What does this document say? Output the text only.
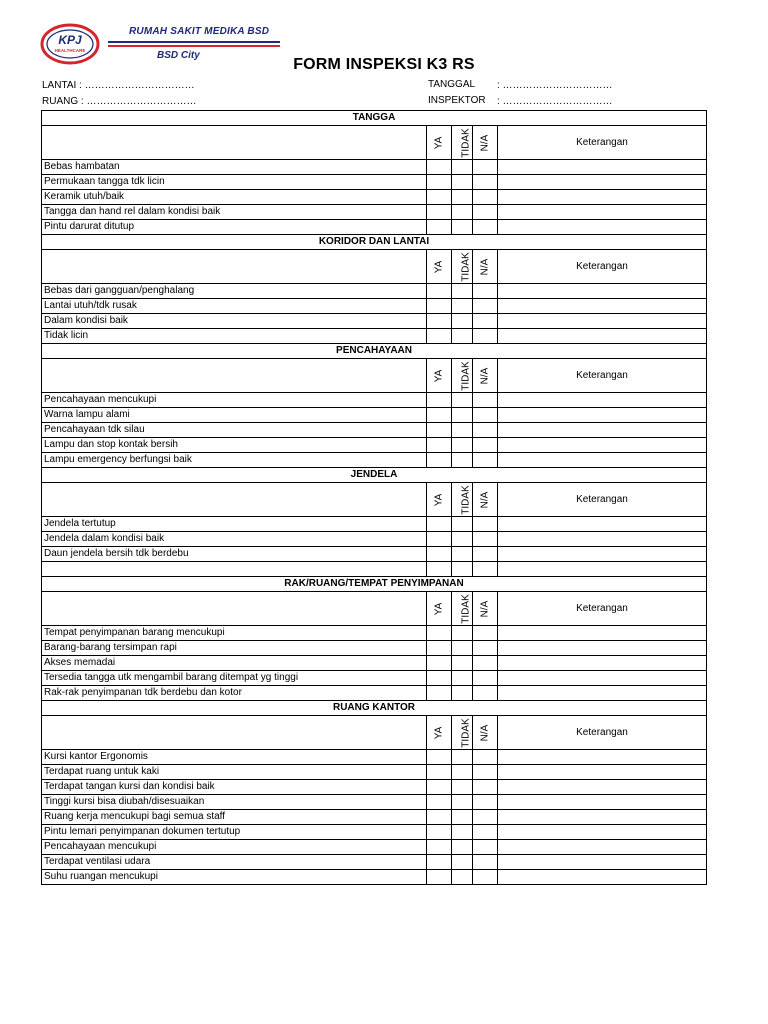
KPJ
HEALTHCARE
RUMAH SAKIT MEDIKA BSD
BSD City
FORM INSPEKSI K3 RS
LANTAI : ……………………………
RUANG : ……………………………
TANGGAL : ……………………………
INSPEKTOR : ……………………………
TANGGA				
	YA	TIDAK	N/A	Keterangan
Bebas hambatan				
Permukaan tangga tdk licin				
Keramik utuh/baik				
Tangga dan hand rel dalam kondisi baik				
Pintu darurat ditutup				
KORIDOR DAN LANTAI				
	YA	TIDAK	N/A	Keterangan
Bebas dari gangguan/penghalang				
Lantai utuh/tdk rusak				
Dalam kondisi baik				
Tidak licin				
PENCAHAYAAN				
	YA	TIDAK	N/A	Keterangan
Pencahayaan mencukupi				
Warna lampu alami				
Pencahayaan tdk silau				
Lampu dan stop kontak bersih				
Lampu emergency berfungsi baik				
JENDELA				
	YA	TIDAK	N/A	Keterangan
Jendela tertutup				
Jendela dalam kondisi baik				
Daun jendela bersih tdk berdebu				

RAK/RUANG/TEMPAT PENYIMPANAN				
	YA	TIDAK	N/A	Keterangan
Tempat penyimpanan barang mencukupi				
Barang-barang tersimpan rapi				
Akses memadai				
Tersedia tangga utk mengambil barang ditempat yg tinggi				
Rak-rak penyimpanan tdk berdebu dan kotor				
RUANG KANTOR				
	YA	TIDAK	N/A	Keterangan
Kursi kantor Ergonomis				
Terdapat ruang untuk kaki				
Terdapat tangan kursi dan kondisi baik				
Tinggi kursi bisa diubah/disesuaikan				
Ruang kerja mencukupi bagi semua staff				
Pintu lemari penyimpanan dokumen tertutup				
Pencahayaan mencukupi				
Terdapat ventilasi udara				
Suhu ruangan mencukupi				
